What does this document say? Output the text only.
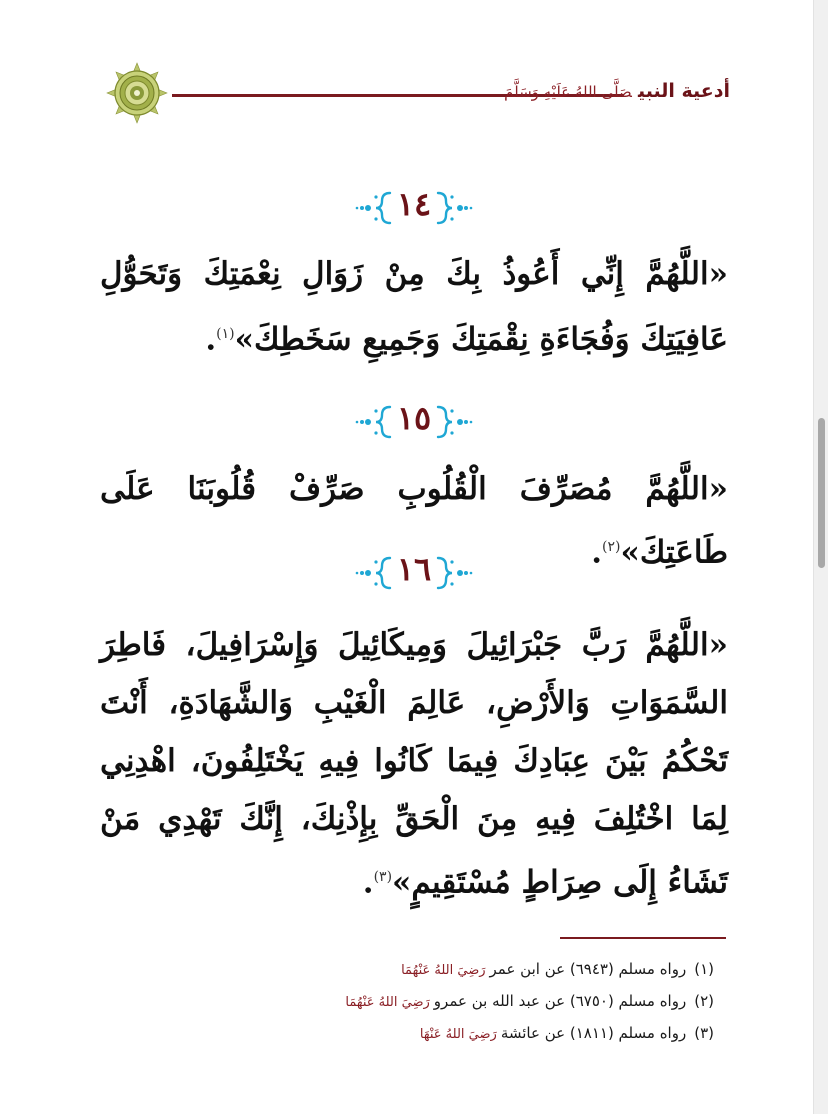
أدعية النبيصَلَّى اللهُ عَلَيْهِ وَسَلَّمَ
١٤
«اللَّهُمَّ إِنِّي أَعُوذُ بِكَ مِنْ زَوَالِ نِعْمَتِكَ وَتَحَوُّلِ عَافِيَتِكَ وَفُجَاءَةِ نِقْمَتِكَ وَجَمِيعِ سَخَطِكَ»$^{(١)}$.
١٥
«اللَّهُمَّ مُصَرِّفَ الْقُلُوبِ صَرِّفْ قُلُوبَنَا عَلَى طَاعَتِكَ»$^{(٢)}$.
١٦
«اللَّهُمَّ رَبَّ جَبْرَائِيلَ وَمِيكَائِيلَ وَإِسْرَافِيلَ، فَاطِرَ السَّمَوَاتِ وَالأَرْضِ، عَالِمَ الْغَيْبِ وَالشَّهَادَةِ، أَنْتَ تَحْكُمُ بَيْنَ عِبَادِكَ فِيمَا كَانُوا فِيهِ يَخْتَلِفُونَ، اهْدِنِي لِمَا اخْتُلِفَ فِيهِ مِنَ الْحَقِّ بِإِذْنِكَ، إِنَّكَ تَهْدِي مَنْ تَشَاءُ إِلَى صِرَاطٍ مُسْتَقِيمٍ»$^{(٣)}$.
(١)رواه مسلم (٦٩٤٣) عن ابن عمررَضِيَ اللهُ عَنْهُمَا
(٢)رواه مسلم (٦٧٥٠) عن عبد الله بن عمرورَضِيَ اللهُ عَنْهُمَا
(٣)رواه مسلم (١٨١١) عن عائشةرَضِيَ اللهُ عَنْهَا
